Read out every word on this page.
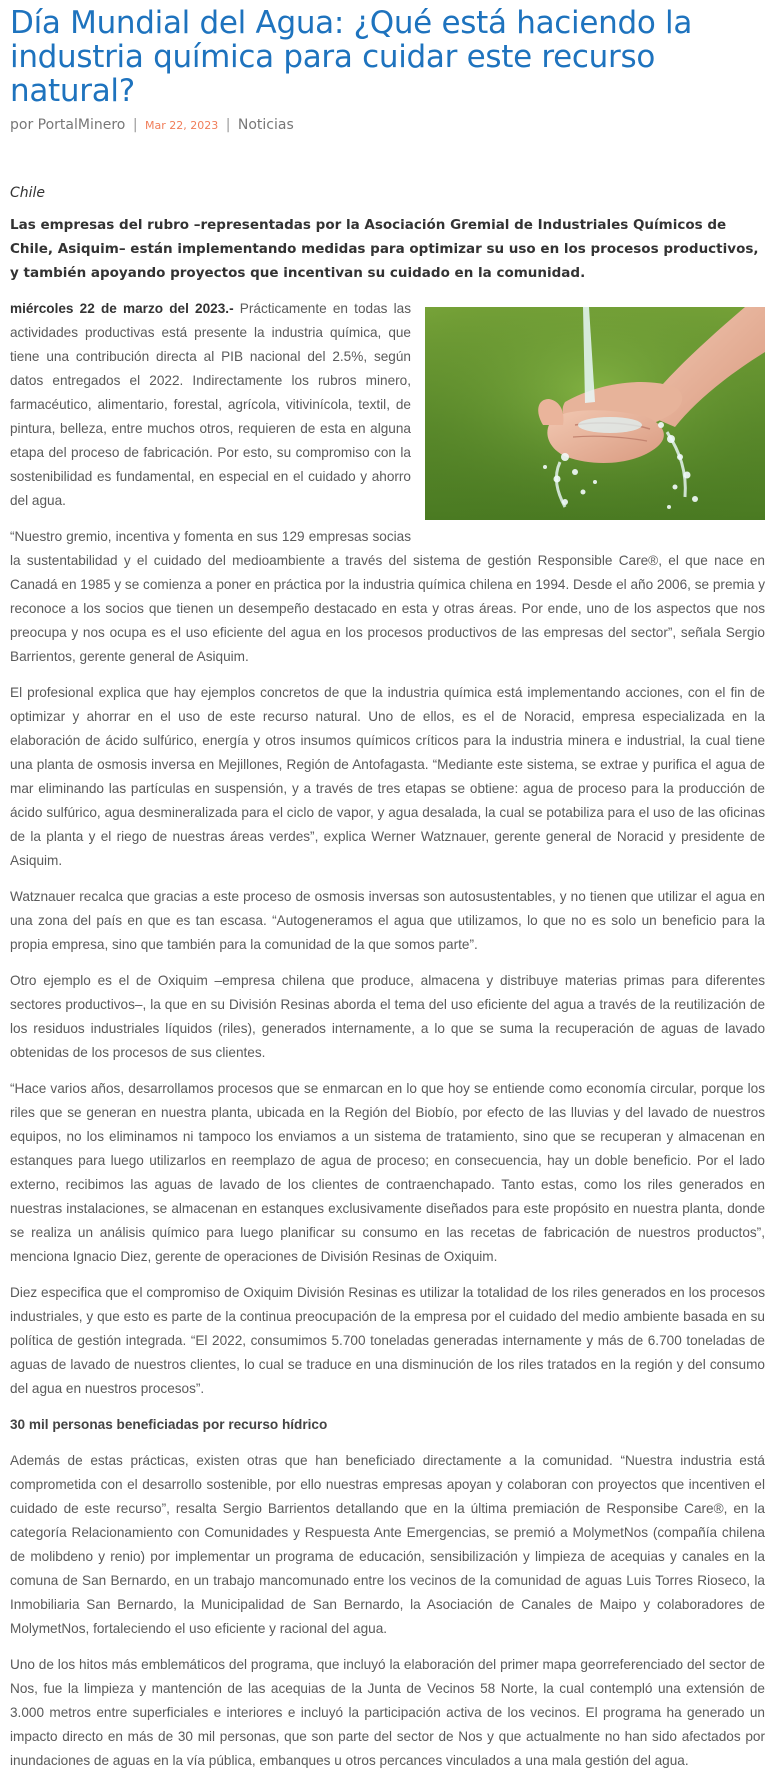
Día Mundial del Agua: ¿Qué está haciendo la industria química para cuidar este recurso natural?
por PortalMinero | Mar 22, 2023 | Noticias
Chile
Las empresas del rubro –representadas por la Asociación Gremial de Industriales Químicos de Chile, Asiquim– están implementando medidas para optimizar su uso en los procesos productivos, y también apoyando proyectos que incentivan su cuidado en la comunidad.

miércoles 22 de marzo del 2023.- Prácticamente en todas las actividades productivas está presente la industria química, que tiene una contribución directa al PIB nacional del 2.5%, según datos entregados el 2022. Indirectamente los rubros minero, farmacéutico, alimentario, forestal, agrícola, vitivinícola, textil, de pintura, belleza, entre muchos otros, requieren de esta en alguna etapa del proceso de fabricación. Por esto, su compromiso con la sostenibilidad es fundamental, en especial en el cuidado y ahorro del agua.

“Nuestro gremio, incentiva y fomenta en sus 129 empresas socias la sustentabilidad y el cuidado del medioambiente a través del sistema de gestión Responsible Care®, el que nace en Canadá en 1985 y se comienza a poner en práctica por la industria química chilena en 1994. Desde el año 2006, se premia y reconoce a los socios que tienen un desempeño destacado en esta y otras áreas. Por ende, uno de los aspectos que nos preocupa y nos ocupa es el uso eficiente del agua en los procesos productivos de las empresas del sector”, señala Sergio Barrientos, gerente general de Asiquim.

El profesional explica que hay ejemplos concretos de que la industria química está implementando acciones, con el fin de optimizar y ahorrar en el uso de este recurso natural. Uno de ellos, es el de Noracid, empresa especializada en la elaboración de ácido sulfúrico, energía y otros insumos químicos críticos para la industria minera e industrial, la cual tiene una planta de osmosis inversa en Mejillones, Región de Antofagasta. “Mediante este sistema, se extrae y purifica el agua de mar eliminando las partículas en suspensión, y a través de tres etapas se obtiene: agua de proceso para la producción de ácido sulfúrico, agua desmineralizada para el ciclo de vapor, y agua desalada, la cual se potabiliza para el uso de las oficinas de la planta y el riego de nuestras áreas verdes”, explica Werner Watznauer, gerente general de Noracid y presidente de Asiquim.

Watznauer recalca que gracias a este proceso de osmosis inversas son autosustentables, y no tienen que utilizar el agua en una zona del país en que es tan escasa. “Autogeneramos el agua que utilizamos, lo que no es solo un beneficio para la propia empresa, sino que también para la comunidad de la que somos parte”.

Otro ejemplo es el de Oxiquim –empresa chilena que produce, almacena y distribuye materias primas para diferentes sectores productivos–, la que en su División Resinas aborda el tema del uso eficiente del agua a través de la reutilización de los residuos industriales líquidos (riles), generados internamente, a lo que se suma la recuperación de aguas de lavado obtenidas de los procesos de sus clientes.

“Hace varios años, desarrollamos procesos que se enmarcan en lo que hoy se entiende como economía circular, porque los riles que se generan en nuestra planta, ubicada en la Región del Biobío, por efecto de las lluvias y del lavado de nuestros equipos, no los eliminamos ni tampoco los enviamos a un sistema de tratamiento, sino que se recuperan y almacenan en estanques para luego utilizarlos en reemplazo de agua de proceso; en consecuencia, hay un doble beneficio. Por el lado externo, recibimos las aguas de lavado de los clientes de contraenchapado. Tanto estas, como los riles generados en nuestras instalaciones, se almacenan en estanques exclusivamente diseñados para este propósito en nuestra planta, donde se realiza un análisis químico para luego planificar su consumo en las recetas de fabricación de nuestros productos”, menciona Ignacio Diez, gerente de operaciones de División Resinas de Oxiquim.

Diez especifica que el compromiso de Oxiquim División Resinas es utilizar la totalidad de los riles generados en los procesos industriales, y que esto es parte de la continua preocupación de la empresa por el cuidado del medio ambiente basada en su política de gestión integrada. “El 2022, consumimos 5.700 toneladas generadas internamente y más de 6.700 toneladas de aguas de lavado de nuestros clientes, lo cual se traduce en una disminución de los riles tratados en la región y del consumo del agua en nuestros procesos”.

30 mil personas beneficiadas por recurso hídrico

Además de estas prácticas, existen otras que han beneficiado directamente a la comunidad. “Nuestra industria está comprometida con el desarrollo sostenible, por ello nuestras empresas apoyan y colaboran con proyectos que incentiven el cuidado de este recurso”, resalta Sergio Barrientos detallando que en la última premiación de Responsibe Care®, en la categoría Relacionamiento con Comunidades y Respuesta Ante Emergencias, se premió a MolymetNos (compañía chilena de molibdeno y renio) por implementar un programa de educación, sensibilización y limpieza de acequias y canales en la comuna de San Bernardo, en un trabajo mancomunado entre los vecinos de la comunidad de aguas Luis Torres Rioseco, la Inmobiliaria San Bernardo, la Municipalidad de San Bernardo, la Asociación de Canales de Maipo y colaboradores de MolymetNos, fortaleciendo el uso eficiente y racional del agua.

Uno de los hitos más emblemáticos del programa, que incluyó la elaboración del primer mapa georreferenciado del sector de Nos, fue la limpieza y mantención de las acequias de la Junta de Vecinos 58 Norte, la cual contempló una extensión de 3.000 metros entre superficiales e interiores e incluyó la participación activa de los vecinos. El programa ha generado un impacto directo en más de 30 mil personas, que son parte del sector de Nos y que actualmente no han sido afectados por inundaciones de aguas en la vía pública, embanques u otros percances vinculados a una mala gestión del agua.
